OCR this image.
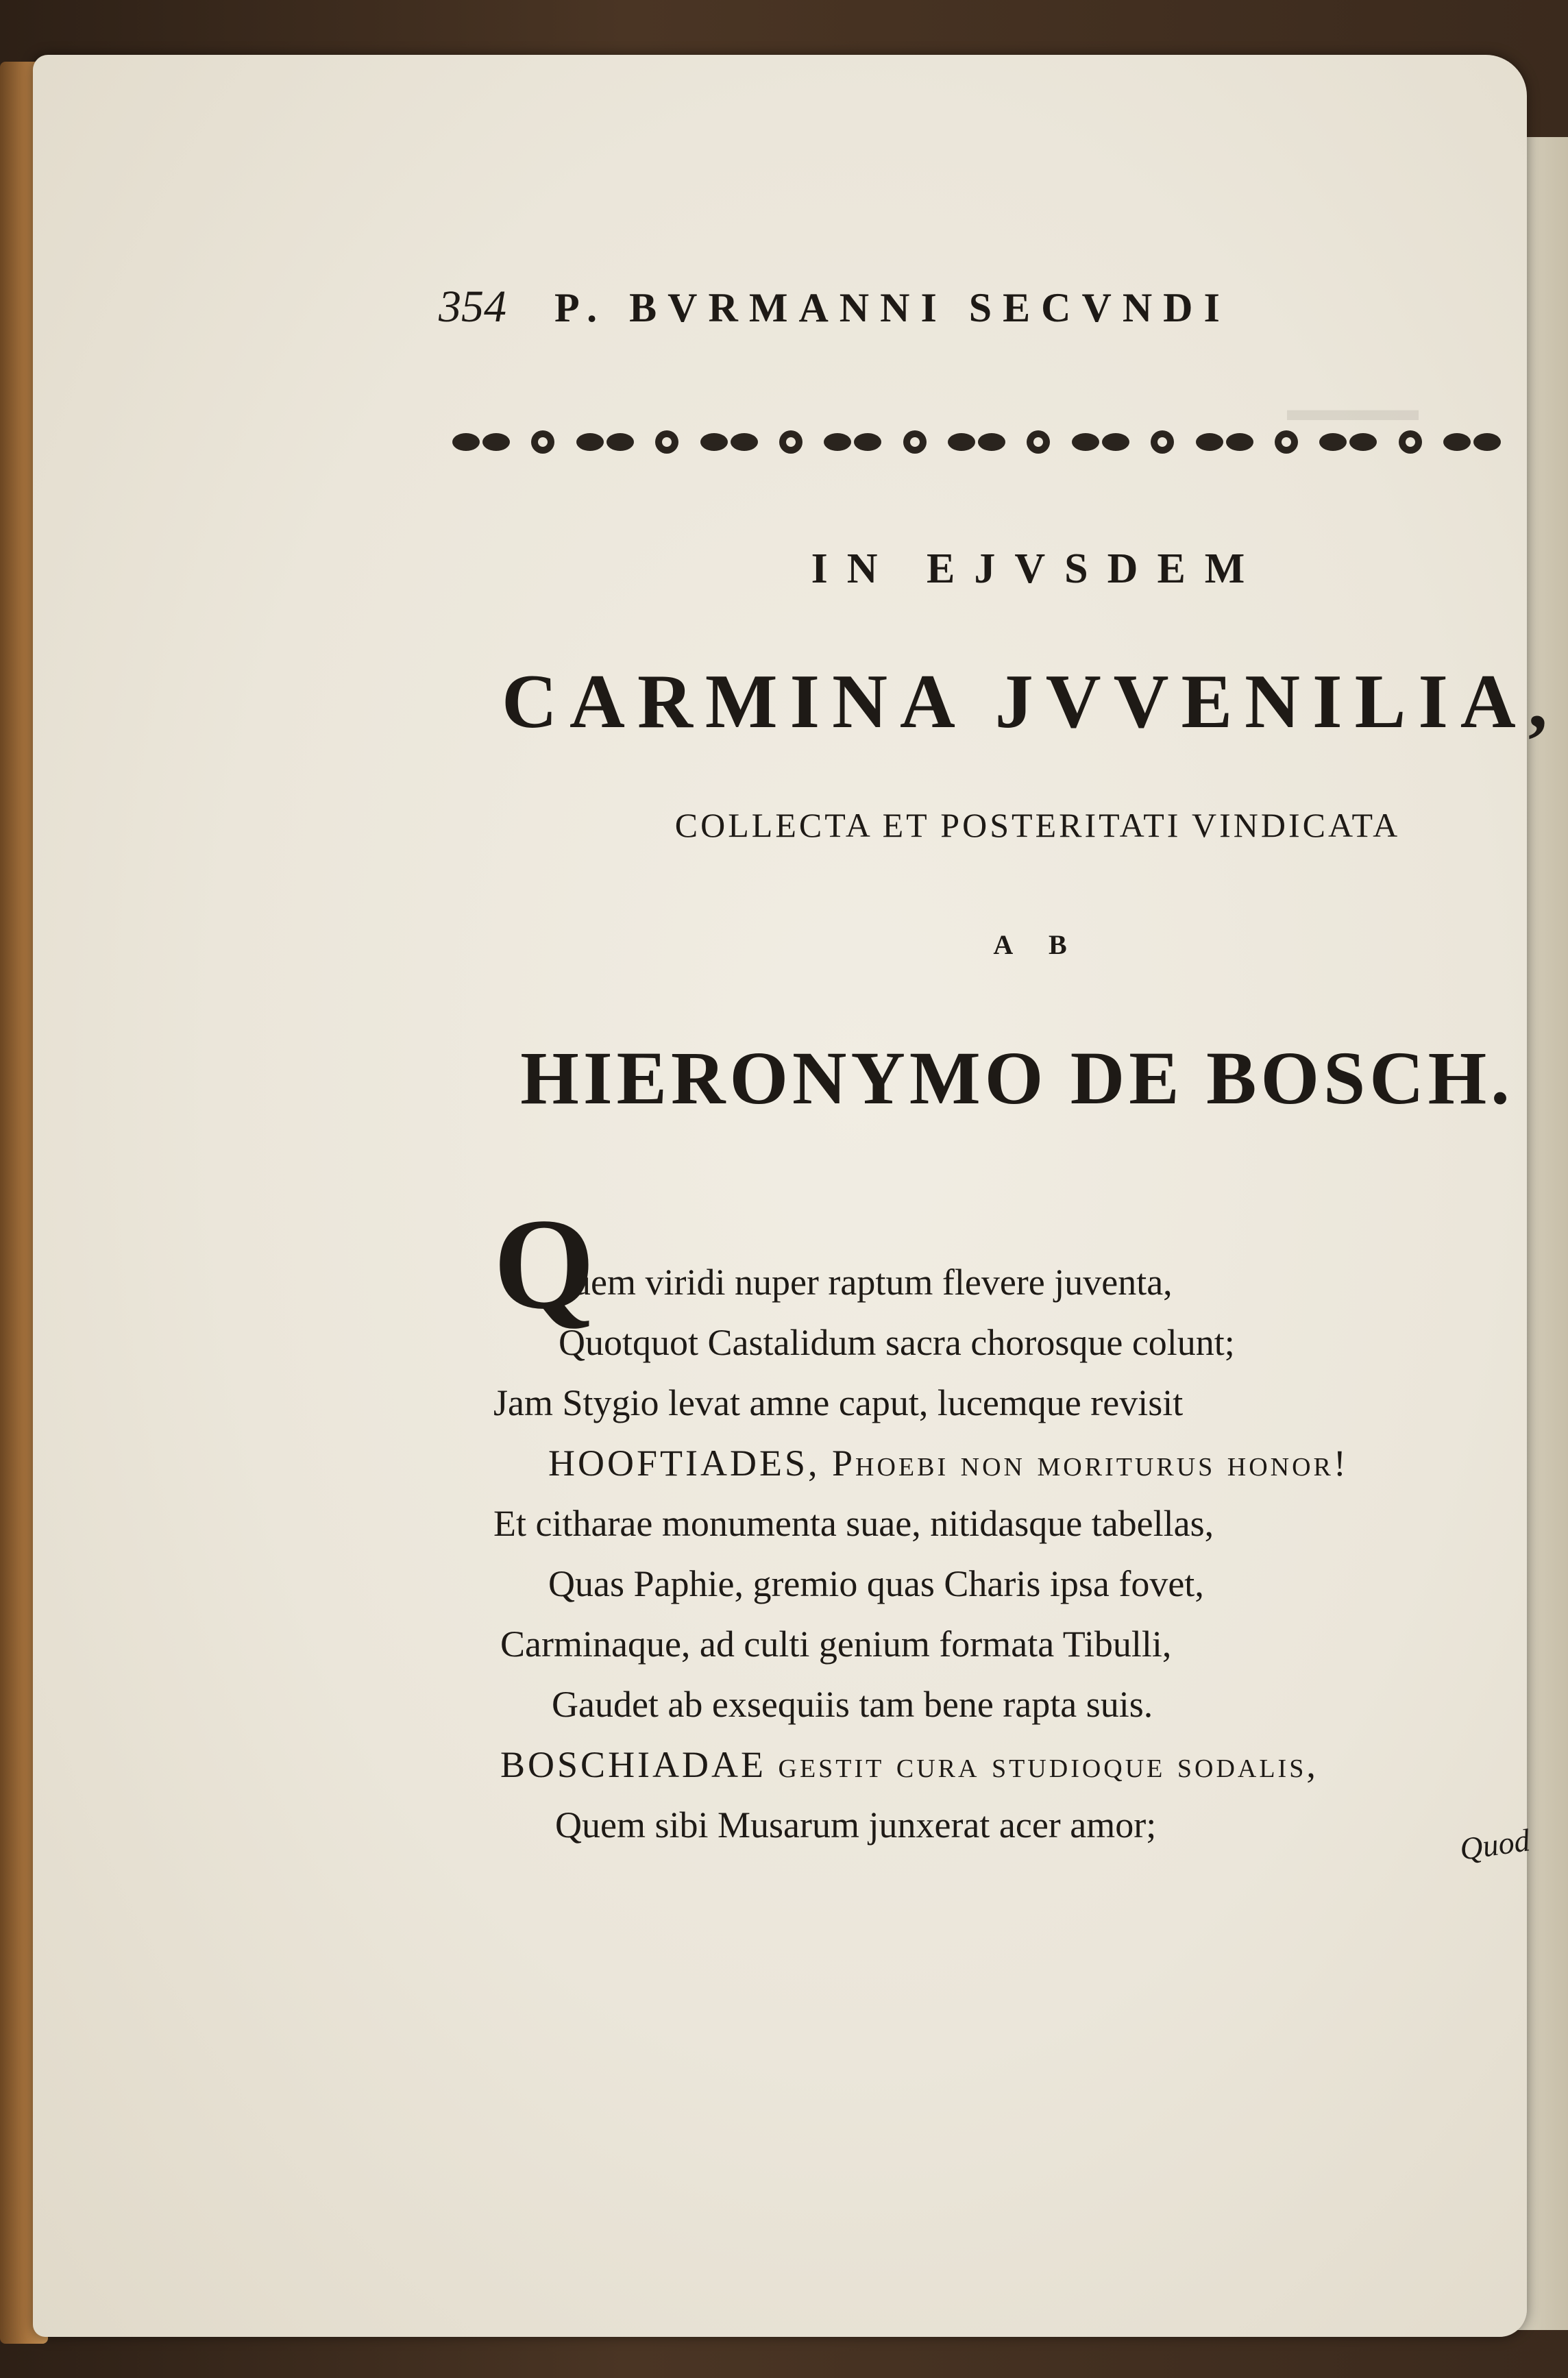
▬▬▬▬
354 P. BVRMANNI SECVNDI
IN EJVSDEM
CARMINA JVVENILIA,
COLLECTA ET POSTERITATI VINDICATA
A B
HIERONYMO DE BOSCH.
Q
uem viridi nuper raptum flevere juventa,
Quotquot Castalidum sacra chorosque colunt;
Jam Stygio levat amne caput, lucemque revisit
HOOFTIADES, Phoebi non moriturus honor!
Et citharae monumenta suae, nitidasque tabellas,
Quas Paphie, gremio quas Charis ipsa fovet,
Carminaque, ad culti genium formata Tibulli,
Gaudet ab exsequiis tam bene rapta suis.
BOSCHIADAE gestit cura studioque sodalis,
Quem sibi Musarum junxerat acer amor;	Quod
